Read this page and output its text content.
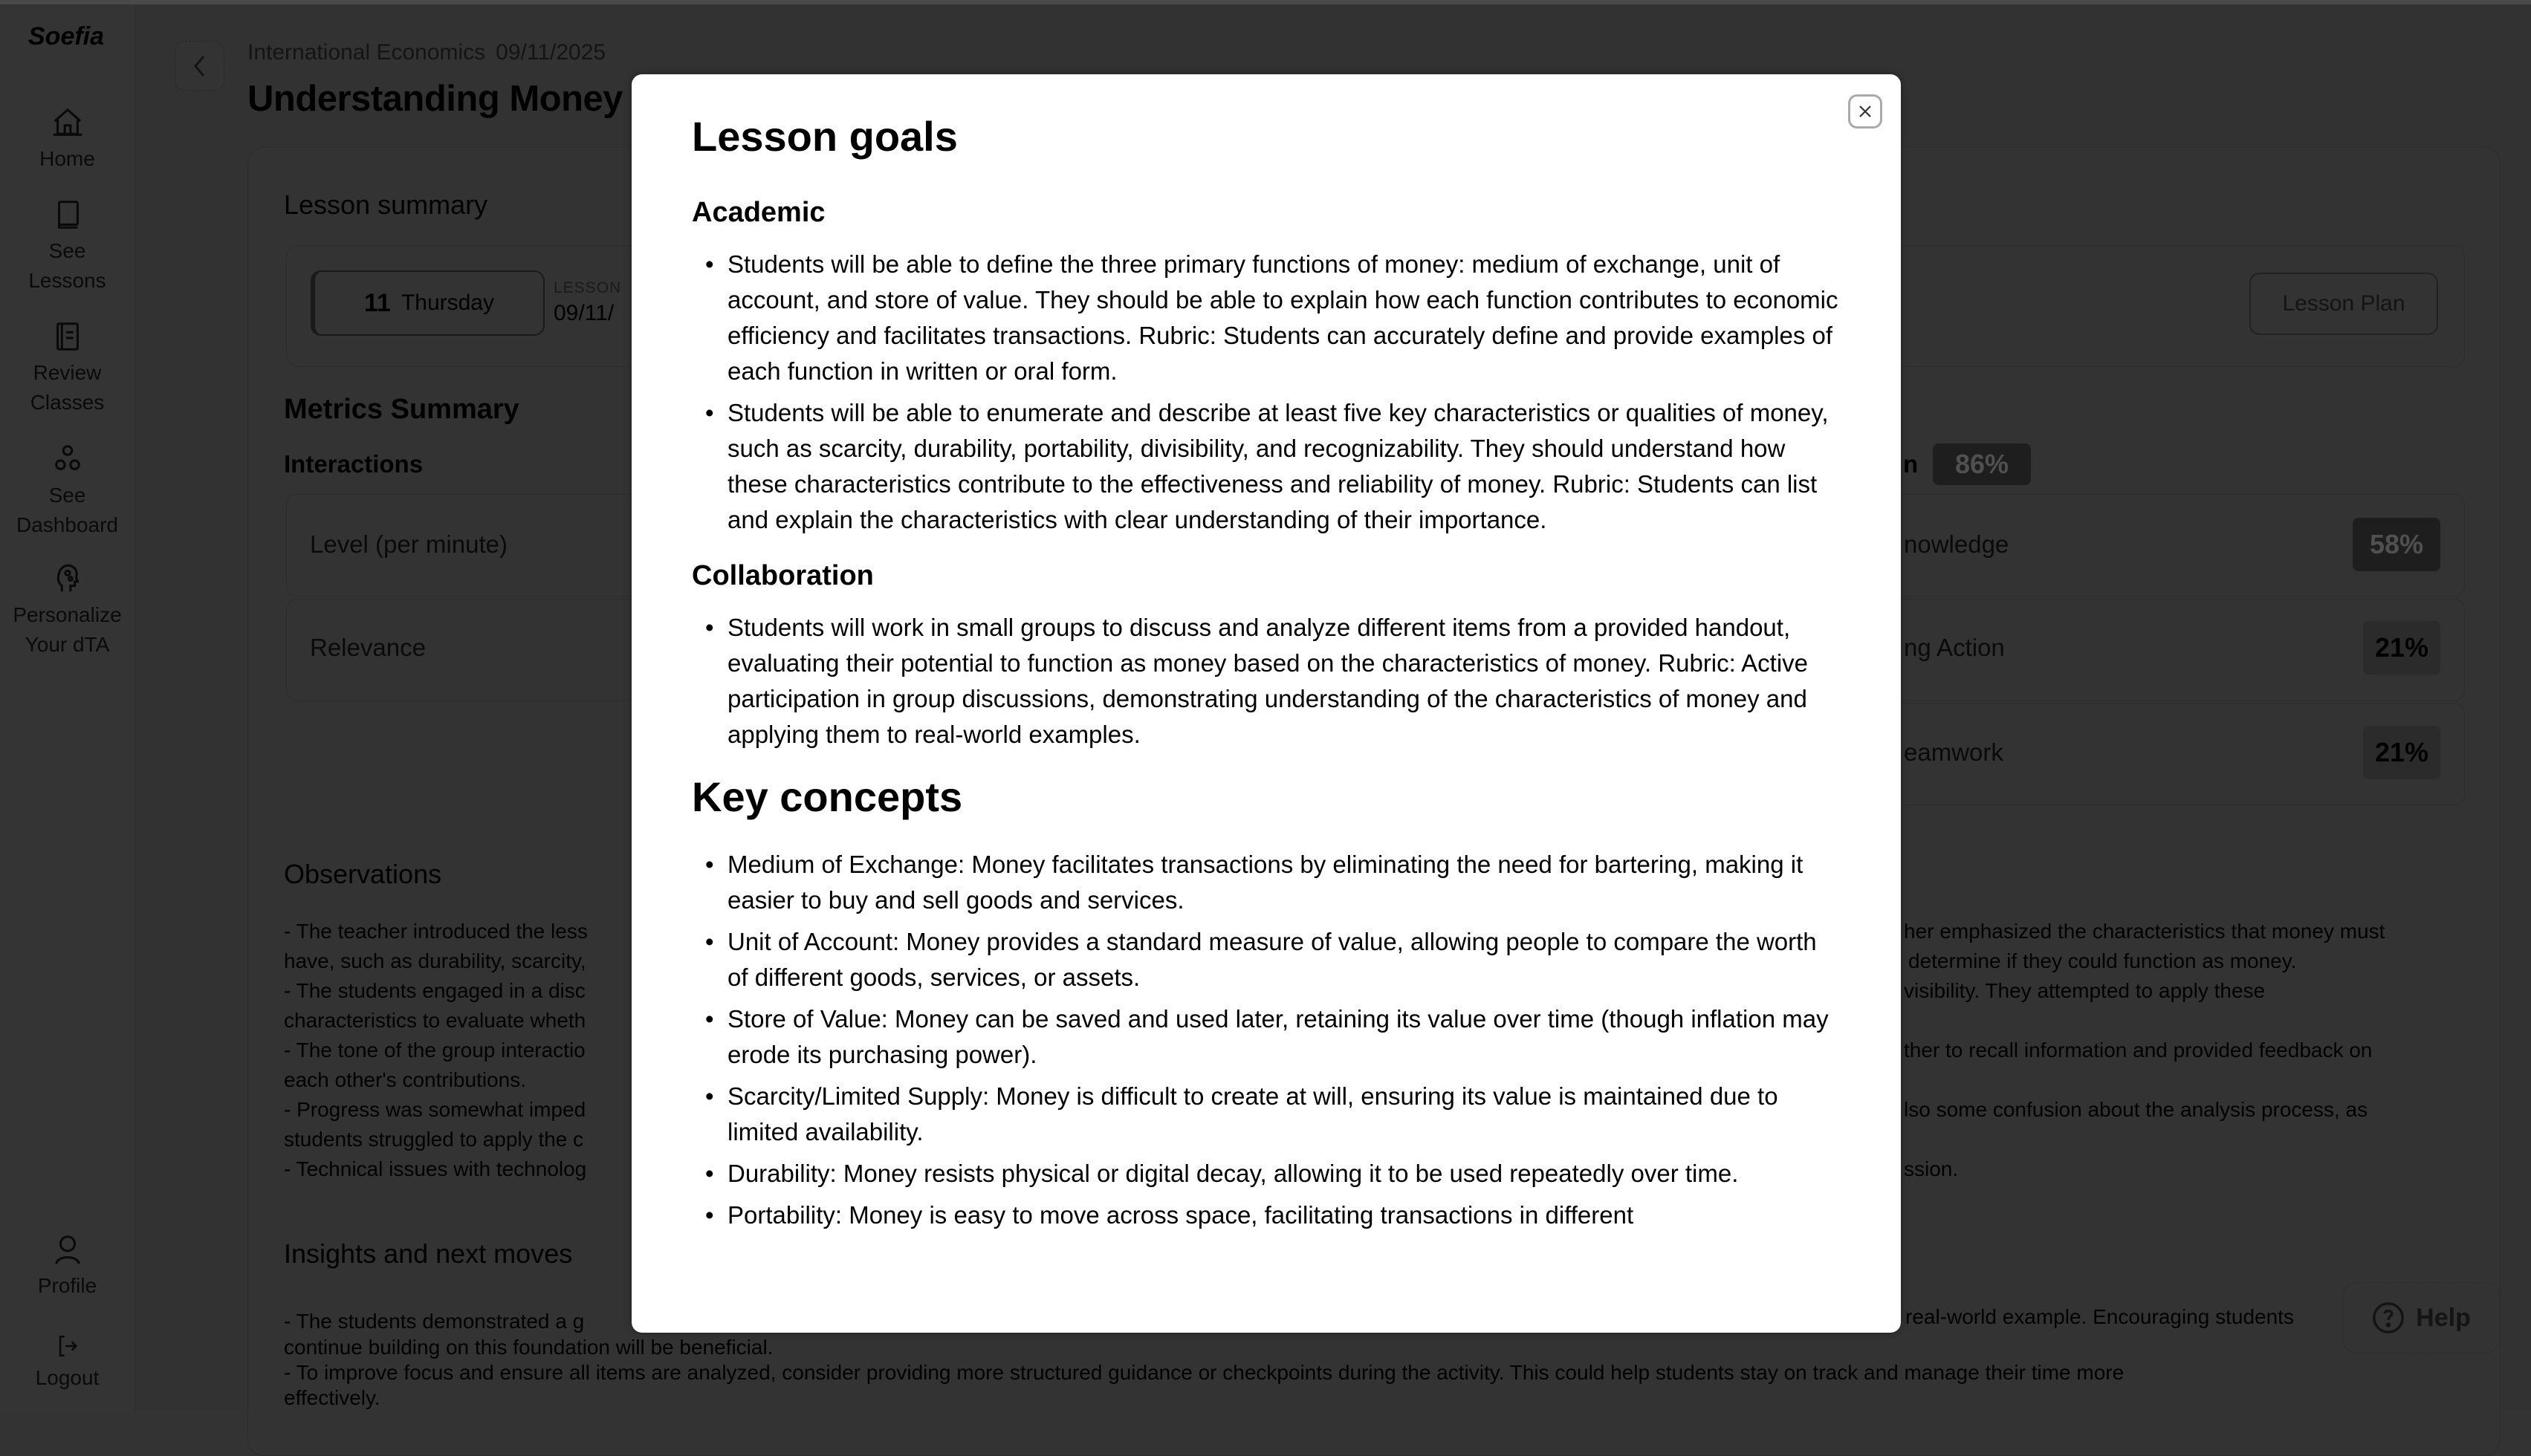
Soefia
Home
See
Lessons
Review
Classes
See
Dashboard
Personalize
Your dTA
Profile
Logout
International Economics 09/11/2025
Understanding Money
Lesson summary
11 Thursday
LESSON
09/11/	Lesson Plan
Metrics Summary
Interactions
Level (per minute)
Relevance
n	86%
nowledge	58%
ng Action	21%
eamwork	21%
Observations
- The teacher introduced the less
have, such as durability, scarcity,
- The students engaged in a disc
characteristics to evaluate wheth
- The tone of the group interactio
each other's contributions.
- Progress was somewhat imped
students struggled to apply the c
- Technical issues with technolog
her emphasized the characteristics that money must
determine if they could function as money.
visibility. They attempted to apply these
ther to recall information and provided feedback on
lso some confusion about the analysis process, as
ssion.
Insights and next moves
- The students demonstrated a g	real-world example. Encouraging students
continue building on this foundation will be beneficial.
- To improve focus and ensure all items are analyzed, consider providing more structured guidance or checkpoints during the activity. This could help students stay on track and manage their time more
effectively.
Help
Lesson goals
Academic
• Students will be able to define the three primary functions of money: medium of exchange, unit of account, and store of value. They should be able to explain how each function contributes to economic efficiency and facilitates transactions. Rubric: Students can accurately define and provide examples of each function in written or oral form.
• Students will be able to enumerate and describe at least five key characteristics or qualities of money, such as scarcity, durability, portability, divisibility, and recognizability. They should understand how these characteristics contribute to the effectiveness and reliability of money. Rubric: Students can list and explain the characteristics with clear understanding of their importance.
Collaboration
• Students will work in small groups to discuss and analyze different items from a provided handout, evaluating their potential to function as money based on the characteristics of money. Rubric: Active participation in group discussions, demonstrating understanding of the characteristics of money and applying them to real-world examples.
Key concepts
• Medium of Exchange: Money facilitates transactions by eliminating the need for bartering, making it easier to buy and sell goods and services.
• Unit of Account: Money provides a standard measure of value, allowing people to compare the worth of different goods, services, or assets.
• Store of Value: Money can be saved and used later, retaining its value over time (though inflation may erode its purchasing power).
• Scarcity/Limited Supply: Money is difficult to create at will, ensuring its value is maintained due to limited availability.
• Durability: Money resists physical or digital decay, allowing it to be used repeatedly over time.
• Portability: Money is easy to move across space, facilitating transactions in different
